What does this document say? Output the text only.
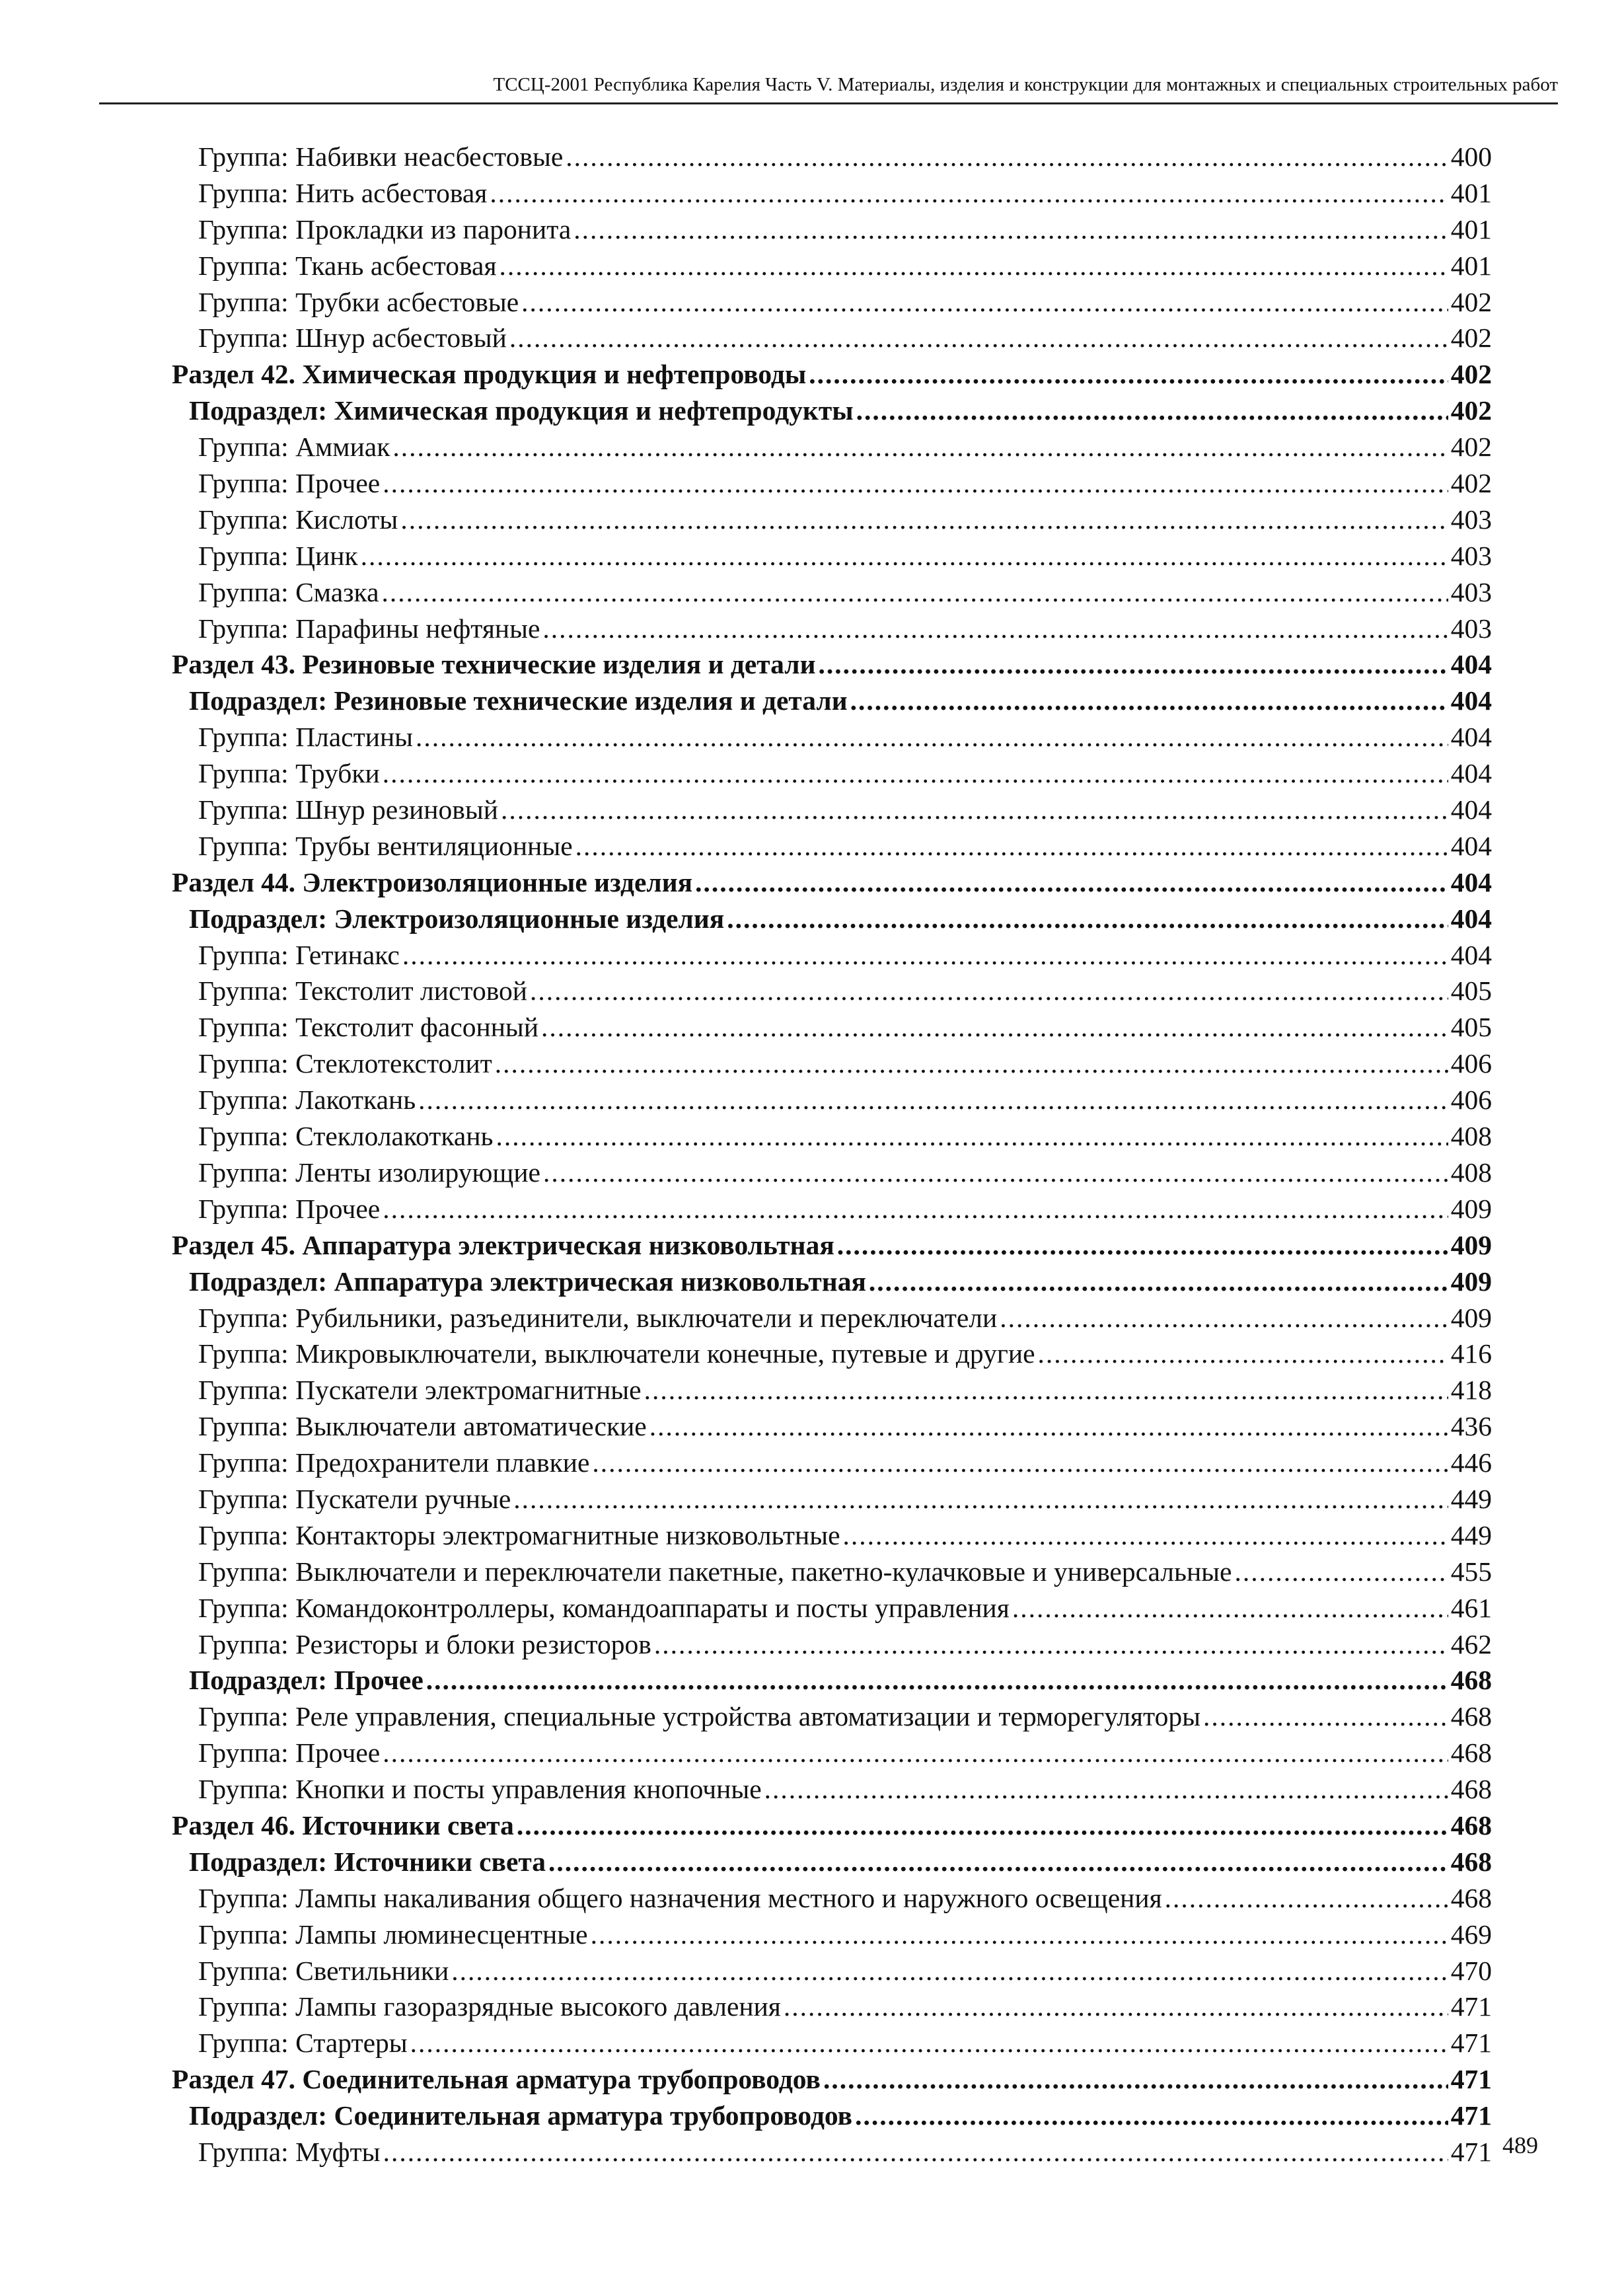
ТССЦ-2001 Республика Карелия Часть V. Материалы, изделия и конструкции для монтажных и специальных строительных работ
Группа: Набивки неасбестовые .....	400
Группа: Нить асбестовая .....	401
Группа: Прокладки из паронита .....	401
Группа: Ткань асбестовая .....	401
Группа: Трубки асбестовые .....	402
Группа: Шнур асбестовый .....	402
Раздел 42. Химическая продукция и нефтепроводы .....	402
Подраздел: Химическая продукция и нефтепродукты .....	402
Группа: Аммиак .....	402
Группа: Прочее .....	402
Группа: Кислоты .....	403
Группа: Цинк .....	403
Группа: Смазка .....	403
Группа: Парафины нефтяные .....	403
Раздел 43. Резиновые технические изделия и детали .....	404
Подраздел: Резиновые технические изделия и детали .....	404
Группа: Пластины .....	404
Группа: Трубки .....	404
Группа: Шнур резиновый .....	404
Группа: Трубы вентиляционные .....	404
Раздел 44. Электроизоляционные изделия .....	404
Подраздел: Электроизоляционные изделия .....	404
Группа: Гетинакс .....	404
Группа: Текстолит листовой .....	405
Группа: Текстолит фасонный .....	405
Группа: Стеклотекстолит .....	406
Группа: Лакоткань .....	406
Группа: Стеклолакоткань .....	408
Группа: Ленты изолирующие .....	408
Группа: Прочее .....	409
Раздел 45. Аппаратура электрическая низковольтная .....	409
Подраздел: Аппаратура электрическая низковольтная .....	409
Группа: Рубильники, разъединители, выключатели и переключатели .....	409
Группа: Микровыключатели, выключатели конечные, путевые и другие .....	416
Группа: Пускатели электромагнитные .....	418
Группа: Выключатели автоматические .....	436
Группа: Предохранители плавкие .....	446
Группа: Пускатели ручные .....	449
Группа: Контакторы электромагнитные низковольтные .....	449
Группа: Выключатели и переключатели пакетные, пакетно-кулачковые и универсальные .....	455
Группа: Командоконтроллеры, командоаппараты и посты управления .....	461
Группа: Резисторы и блоки резисторов .....	462
Подраздел: Прочее .....	468
Группа: Реле управления, специальные устройства автоматизации и терморегуляторы .....	468
Группа: Прочее .....	468
Группа: Кнопки и посты управления кнопочные .....	468
Раздел 46. Источники света .....	468
Подраздел: Источники света .....	468
Группа: Лампы накаливания общего назначения местного и наружного освещения .....	468
Группа: Лампы люминесцентные .....	469
Группа: Светильники .....	470
Группа: Лампы газоразрядные высокого давления .....	471
Группа: Стартеры .....	471
Раздел 47. Соединительная арматура трубопроводов .....	471
Подраздел: Соединительная арматура трубопроводов .....	471
Группа: Муфты .....	471 489
